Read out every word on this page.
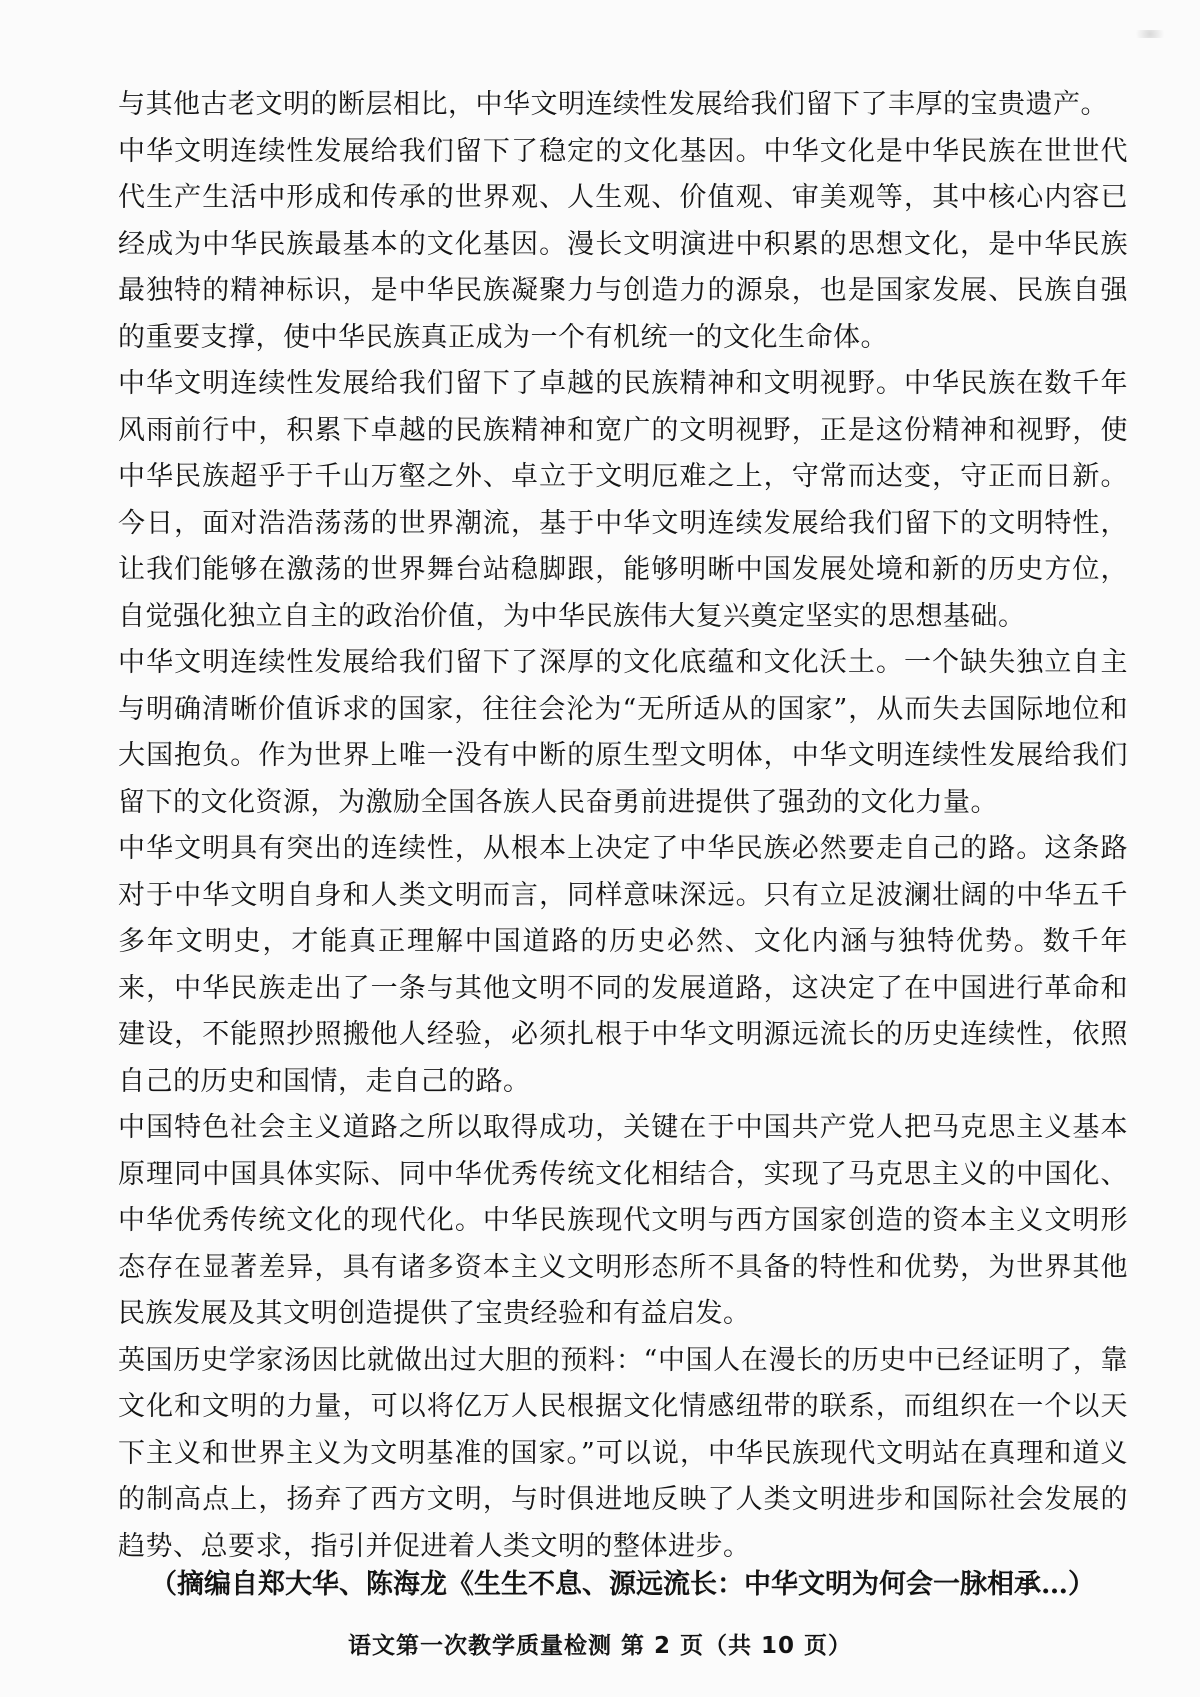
与其他古老文明的断层相比，中华文明连续性发展给我们留下了丰厚的宝贵遗产。

中华文明连续性发展给我们留下了稳定的文化基因。中华文化是中华民族在世世代代生产生活中形成和传承的世界观、人生观、价值观、审美观等，其中核心内容已经成为中华民族最基本的文化基因。漫长文明演进中积累的思想文化，是中华民族最独特的精神标识，是中华民族凝聚力与创造力的源泉，也是国家发展、民族自强的重要支撑，使中华民族真正成为一个有机统一的文化生命体。

中华文明连续性发展给我们留下了卓越的民族精神和文明视野。中华民族在数千年风雨前行中，积累下卓越的民族精神和宽广的文明视野，正是这份精神和视野，使中华民族超乎于千山万壑之外、卓立于文明厄难之上，守常而达变，守正而日新。今日，面对浩浩荡荡的世界潮流，基于中华文明连续发展给我们留下的文明特性，让我们能够在激荡的世界舞台站稳脚跟，能够明晰中国发展处境和新的历史方位，自觉强化独立自主的政治价值，为中华民族伟大复兴奠定坚实的思想基础。

中华文明连续性发展给我们留下了深厚的文化底蕴和文化沃土。一个缺失独立自主与明确清晰价值诉求的国家，往往会沦为“无所适从的国家”，从而失去国际地位和大国抱负。作为世界上唯一没有中断的原生型文明体，中华文明连续性发展给我们留下的文化资源，为激励全国各族人民奋勇前进提供了强劲的文化力量。

中华文明具有突出的连续性，从根本上决定了中华民族必然要走自己的路。这条路对于中华文明自身和人类文明而言，同样意味深远。只有立足波澜壮阔的中华五千多年文明史，才能真正理解中国道路的历史必然、文化内涵与独特优势。数千年来，中华民族走出了一条与其他文明不同的发展道路，这决定了在中国进行革命和建设，不能照抄照搬他人经验，必须扎根于中华文明源远流长的历史连续性，依照自己的历史和国情，走自己的路。

中国特色社会主义道路之所以取得成功，关键在于中国共产党人把马克思主义基本原理同中国具体实际、同中华优秀传统文化相结合，实现了马克思主义的中国化、中华优秀传统文化的现代化。中华民族现代文明与西方国家创造的资本主义文明形态存在显著差异，具有诸多资本主义文明形态所不具备的特性和优势，为世界其他民族发展及其文明创造提供了宝贵经验和有益启发。

英国历史学家汤因比就做出过大胆的预料：“中国人在漫长的历史中已经证明了，靠文化和文明的力量，可以将亿万人民根据文化情感纽带的联系，而组织在一个以天下主义和世界主义为文明基准的国家。”可以说，中华民族现代文明站在真理和道义的制高点上，扬弃了西方文明，与时俱进地反映了人类文明进步和国际社会发展的趋势、总要求，指引并促进着人类文明的整体进步。

（摘编自郑大华、陈海龙《生生不息、源远流长：中华文明为何会一脉相承…）
语文第一次教学质量检测 第 2 页（共 10 页）
